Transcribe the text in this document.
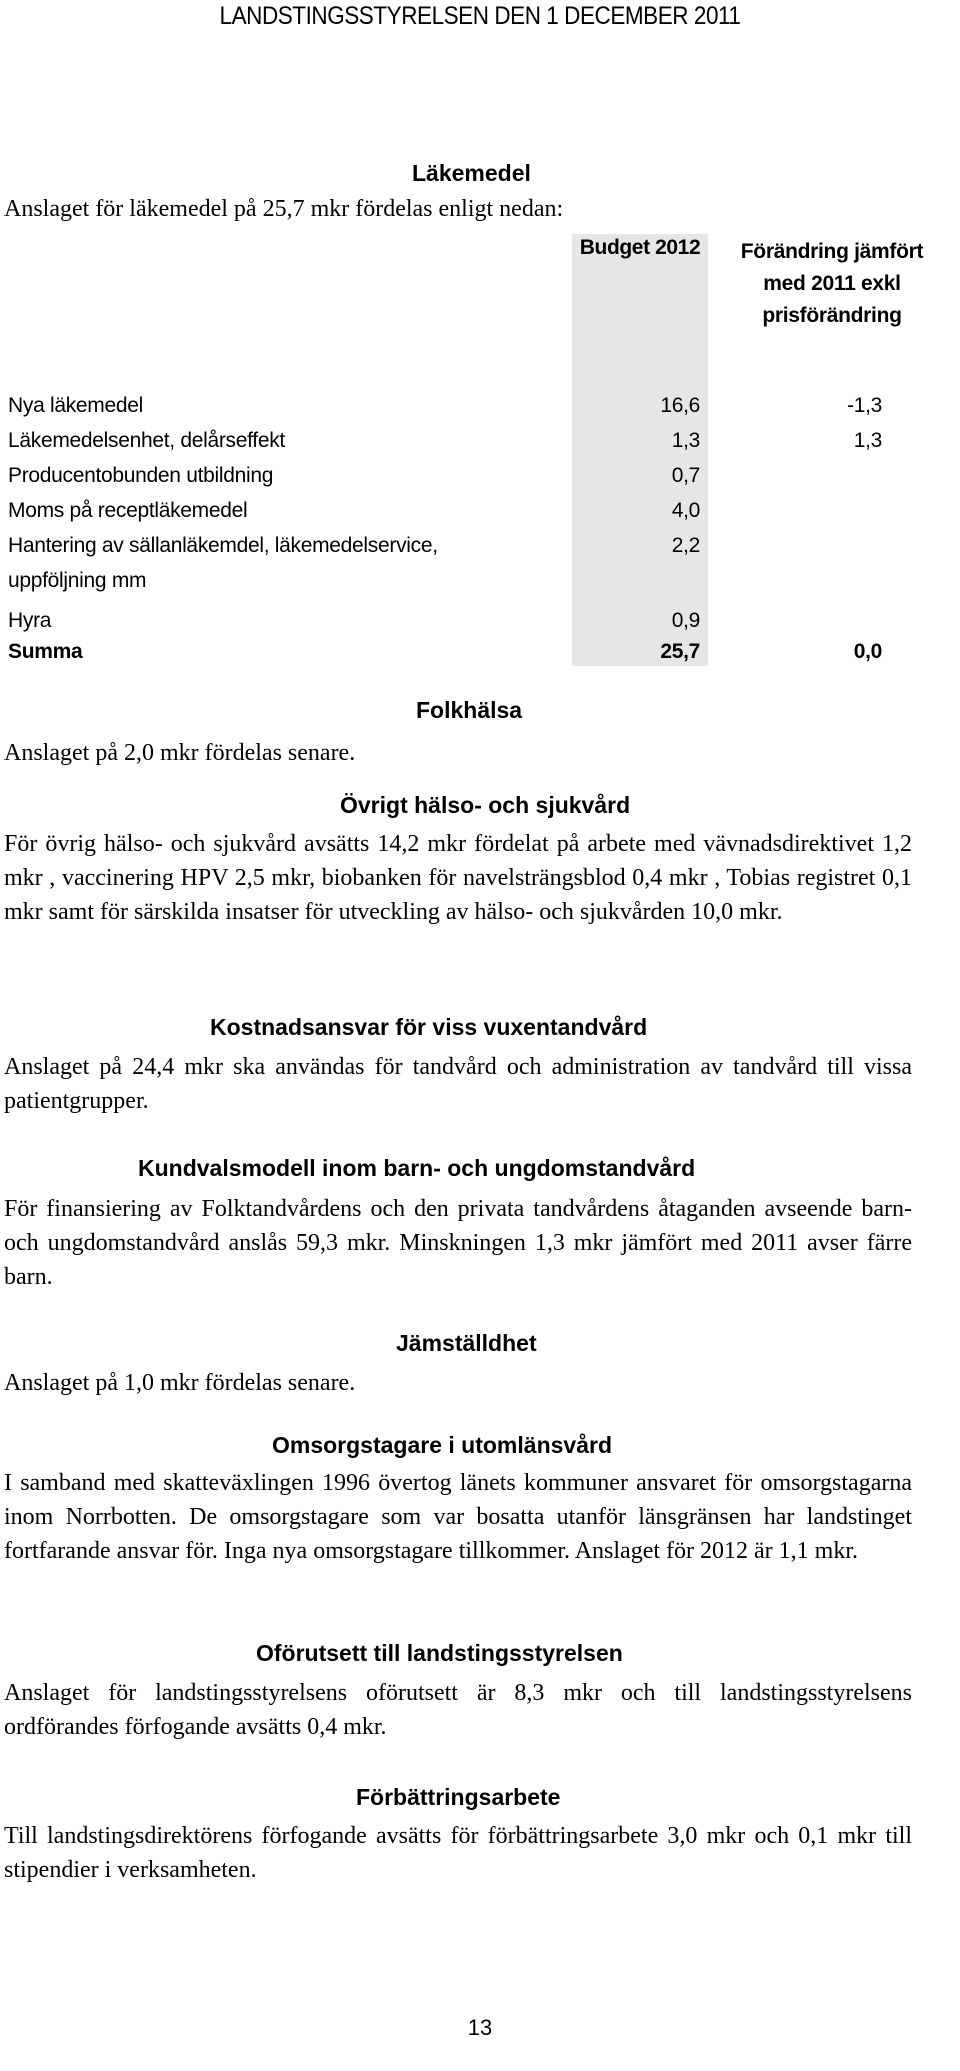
LANDSTINGSSTYRELSEN DEN 1 DECEMBER 2011
Läkemedel
Anslaget för läkemedel på 25,7 mkr fördelas enligt nedan:
Budget 2012	Förändring jämfört
med 2011 exkl
prisförändring
Nya läkemedel	16,6	-1,3
Läkemedelsenhet, delårseffekt	1,3	1,3
Producentobunden utbildning	0,7
Moms på receptläkemedel	4,0
Hantering av sällanläkemdel, läkemedelservice,	2,2
uppföljning mm
Hyra	0,9
Summa	25,7	0,0
Folkhälsa
Anslaget på 2,0 mkr fördelas senare.
Övrigt hälso- och sjukvård
För övrig hälso- och sjukvård avsätts 14,2 mkr fördelat på arbete med vävnadsdirektivet 1,2 mkr , vaccinering HPV 2,5 mkr, biobanken för navelsträngsblod 0,4 mkr , Tobias registret 0,1 mkr samt för särskilda insatser för utveckling av hälso- och sjukvården 10,0 mkr.
Kostnadsansvar för viss vuxentandvård
Anslaget på 24,4 mkr ska användas för tandvård och administration av tandvård till vissa patientgrupper.
Kundvalsmodell inom barn- och ungdomstandvård
För finansiering av Folktandvårdens och den privata tandvårdens åtaganden avseende barn- och ungdomstandvård anslås 59,3 mkr. Minskningen 1,3 mkr jämfört med 2011 avser färre barn.
Jämställdhet
Anslaget på 1,0 mkr fördelas senare.
Omsorgstagare i utomlänsvård
I samband med skatteväxlingen 1996 övertog länets kommuner ansvaret för omsorgstagarna inom Norrbotten. De omsorgstagare som var bosatta utanför länsgränsen har landstinget fortfarande ansvar för. Inga nya omsorgstagare tillkommer. Anslaget för 2012 är 1,1 mkr.
Oförutsett till landstingsstyrelsen
Anslaget för landstingsstyrelsens oförutsett är 8,3 mkr och till landstingsstyrelsens ordförandes förfogande avsätts 0,4 mkr.
Förbättringsarbete
Till landstingsdirektörens förfogande avsätts för förbättringsarbete 3,0 mkr och 0,1 mkr till stipendier i verksamheten.
13
